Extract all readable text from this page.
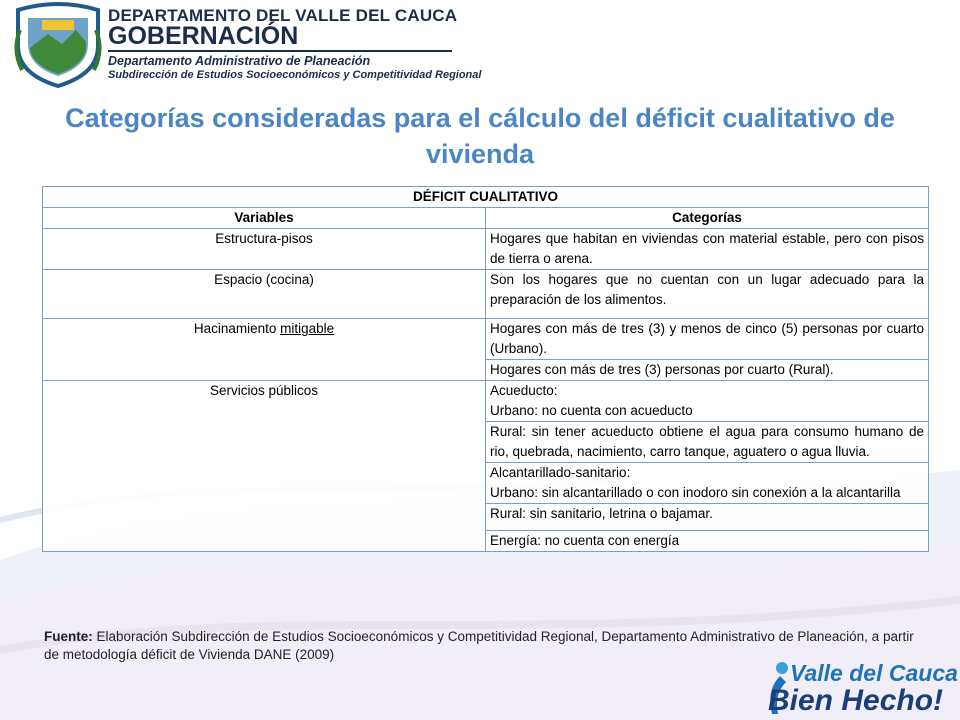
DEPARTAMENTO DEL VALLE DEL CAUCA
GOBERNACIÓN
Departamento Administrativo de Planeación
Subdirección de Estudios Socioeconómicos y Competitividad Regional
Categorías consideradas para el cálculo del déficit cualitativo de vivienda
DÉFICIT CUALITATIVO	
Variables	Categorías
Estructura-pisos	Hogares que habitan en viviendas con material estable, pero con pisos de tierra o arena.
Espacio (cocina)	Son los hogares que no cuentan con un lugar adecuado para la preparación de los alimentos.
Hacinamiento mitigable	Hogares con más de tres (3) y menos de cinco (5) personas por cuarto (Urbano).
	Hogares con más de tres (3) personas por cuarto (Rural).
Servicios públicos	Acueducto:
Urbano: no cuenta con acueducto

	Rural: sin tener acueducto obtiene el agua para consumo humano de rio, quebrada, nacimiento, carro tanque, aguatero o agua lluvia.

	Alcantarillado-sanitario:
Urbano: sin alcantarillado o con inodoro sin conexión a la alcantarilla

	Rural: sin sanitario, letrina o bajamar.
	Energía: no cuenta con energía
Fuente: Elaboración Subdirección de Estudios Socioeconómicos y Competitividad Regional, Departamento Administrativo de Planeación, a partir de metodología déficit de Vivienda DANE (2009)
Valle del Cauca
Bien Hecho!
